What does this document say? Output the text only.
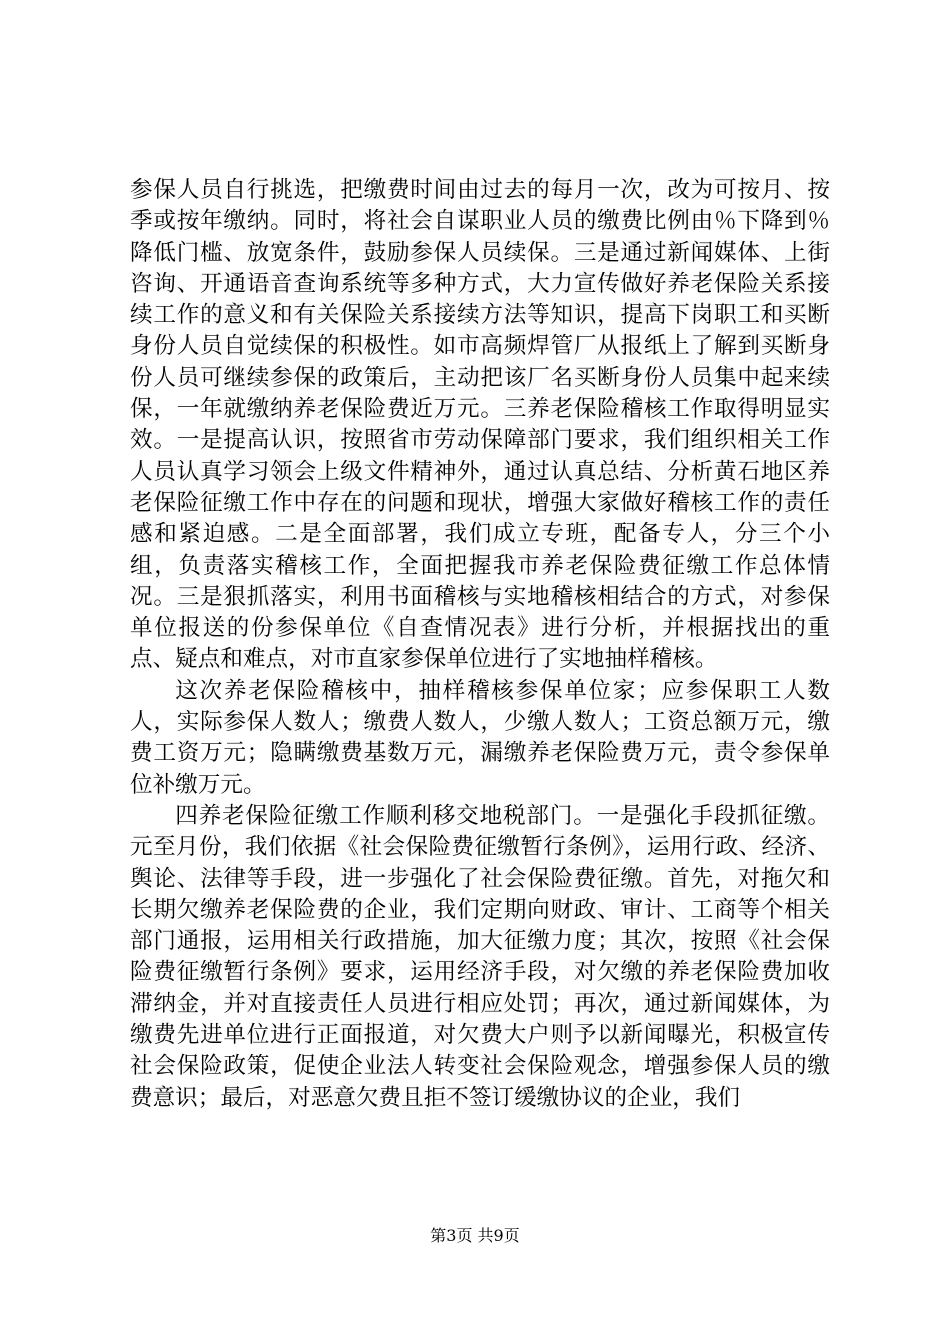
参保人员自行挑选，把缴费时间由过去的每月一次，改为可按月、按季或按年缴纳。同时，将社会自谋职业人员的缴费比例由％下降到％降低门槛、放宽条件，鼓励参保人员续保。三是通过新闻媒体、上街咨询、开通语音查询系统等多种方式，大力宣传做好养老保险关系接续工作的意义和有关保险关系接续方法等知识，提高下岗职工和买断身份人员自觉续保的积极性。如市高频焊管厂从报纸上了解到买断身份人员可继续参保的政策后，主动把该厂名买断身份人员集中起来续保，一年就缴纳养老保险费近万元。三养老保险稽核工作取得明显实效。一是提高认识，按照省市劳动保障部门要求，我们组织相关工作人员认真学习领会上级文件精神外，通过认真总结、分析黄石地区养老保险征缴工作中存在的问题和现状，增强大家做好稽核工作的责任感和紧迫感。二是全面部署，我们成立专班，配备专人，分三个小组，负责落实稽核工作，全面把握我市养老保险费征缴工作总体情况。三是狠抓落实，利用书面稽核与实地稽核相结合的方式，对参保单位报送的份参保单位《自查情况表》进行分析，并根据找出的重点、疑点和难点，对市直家参保单位进行了实地抽样稽核。

这次养老保险稽核中，抽样稽核参保单位家；应参保职工人数人，实际参保人数人；缴费人数人，少缴人数人；工资总额万元，缴费工资万元；隐瞒缴费基数万元，漏缴养老保险费万元，责令参保单位补缴万元。

四养老保险征缴工作顺利移交地税部门。一是强化手段抓征缴。元至月份，我们依据《社会保险费征缴暂行条例》，运用行政、经济、舆论、法律等手段，进一步强化了社会保险费征缴。首先，对拖欠和长期欠缴养老保险费的企业，我们定期向财政、审计、工商等个相关部门通报，运用相关行政措施，加大征缴力度；其次，按照《社会保险费征缴暂行条例》要求，运用经济手段，对欠缴的养老保险费加收滞纳金，并对直接责任人员进行相应处罚；再次，通过新闻媒体，为缴费先进单位进行正面报道，对欠费大户则予以新闻曝光，积极宣传社会保险政策，促使企业法人转变社会保险观念，增强参保人员的缴费意识；最后，对恶意欠费且拒不签订缓缴协议的企业，我们

第3页 共9页
